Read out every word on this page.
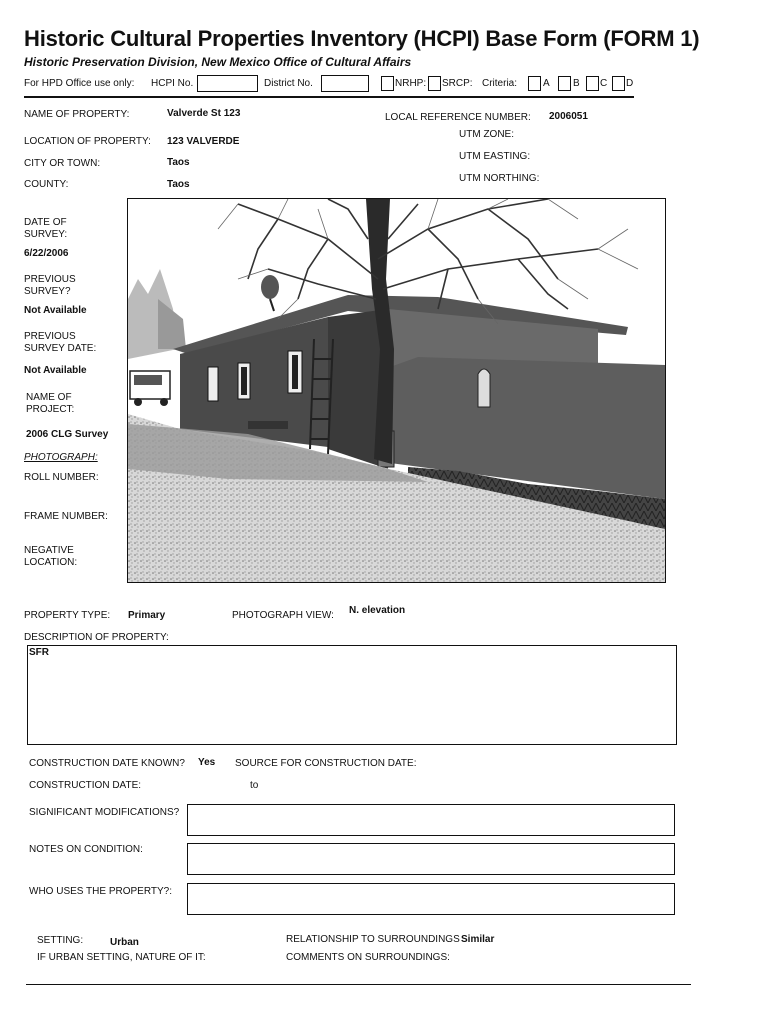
Historic Cultural Properties Inventory (HCPI) Base Form (FORM 1)
Historic Preservation Division, New Mexico Office of Cultural Affairs
For HPD Office use only: HCPI No.	District No.	NRHP: SRCP: Criteria:	A B C D
NAME OF PROPERTY:	Valverde St 123	LOCAL REFERENCE NUMBER: 2006051
LOCATION OF PROPERTY: 123 VALVERDE
UTM ZONE:
CITY OR TOWN:	Taos
UTM EASTING:
COUNTY:	Taos
UTM NORTHING:
DATE OF
SURVEY:
6/22/2006
PREVIOUS
SURVEY?
Not Available
PREVIOUS
SURVEY DATE:
Not Available
NAME OF
PROJECT:
2006 CLG Survey
PHOTOGRAPH:
ROLL NUMBER:
FRAME NUMBER:
NEGATIVE
LOCATION:
PROPERTY TYPE: Primary	PHOTOGRAPH VIEW: N. elevation
DESCRIPTION OF PROPERTY:
SFR
CONSTRUCTION DATE KNOWN? Yes SOURCE FOR CONSTRUCTION DATE:
CONSTRUCTION DATE:	to
SIGNIFICANT MODIFICATIONS?
NOTES ON CONDITION:
WHO USES THE PROPERTY?:
SETTING:	Urban	RELATIONSHIP TO SURROUNDINGS Similar
IF URBAN SETTING, NATURE OF IT:	COMMENTS ON SURROUNDINGS:
